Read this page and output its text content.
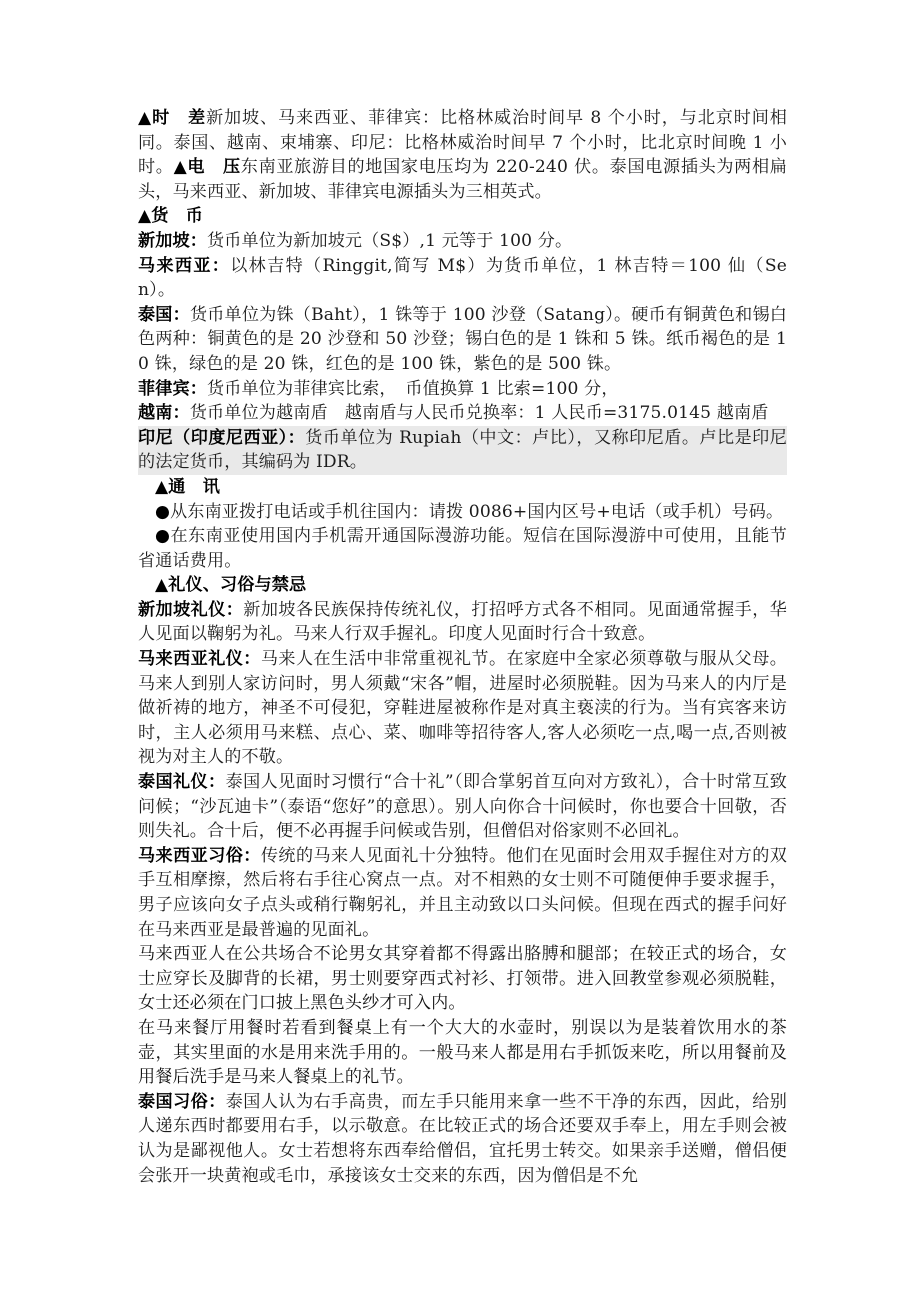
▲时　差新加坡、马来西亚、菲律宾：比格林威治时间早 8 个小时，与北京时间相同。泰国、越南、束埔寨、印尼：比格林威治时间早 7 个小时，比北京时间晚 1 小时。▲电　压东南亚旅游目的地国家电压均为 220-240 伏。泰国电源插头为两相扁头，马来西亚、新加坡、菲律宾电源插头为三相英式。

▲货　币

新加坡：货币单位为新加坡元（S$）,1 元等于 100 分。

马来西亚：以林吉特（Ringgit,简写 M$）为货币单位，1 林吉特＝100 仙（Sen）。

泰国：货币单位为铢（Baht），1 铢等于 100 沙登（Satang）。硬币有铜黄色和锡白色两种：铜黄色的是 20 沙登和 50 沙登；锡白色的是 1 铢和 5 铢。纸币褐色的是 10 铢，绿色的是 20 铢，红色的是 100 铢，紫色的是 500 铢。

菲律宾：货币单位为菲律宾比索，　币值换算 1 比索=100 分，

越南：货币单位为越南盾　越南盾与人民币兑换率：1 人民币=3175.0145 越南盾

印尼（印度尼西亚）：货币单位为 Rupiah（中文：卢比），又称印尼盾。卢比是印尼的法定货币，其编码为 IDR。

▲通　讯

●从东南亚拨打电话或手机往国内：请拨 0086+国内区号+电话（或手机）号码。

●在东南亚使用国内手机需开通国际漫游功能。短信在国际漫游中可使用，且能节省通话费用。

▲礼仪、习俗与禁忌

新加坡礼仪：新加坡各民族保持传统礼仪，打招呼方式各不相同。见面通常握手，华人见面以鞠躬为礼。马来人行双手握礼。印度人见面时行合十致意。

马来西亚礼仪：马来人在生活中非常重视礼节。在家庭中全家必须尊敬与服从父母。马来人到别人家访问时，男人须戴“宋各”帽，进屋时必须脱鞋。因为马来人的内厅是做祈祷的地方，神圣不可侵犯，穿鞋进屋被称作是对真主亵渎的行为。当有宾客来访时，主人必须用马来糕、点心、菜、咖啡等招待客人,客人必须吃一点,喝一点,否则被视为对主人的不敬。

泰国礼仪：泰国人见面时习惯行“合十礼”（即合掌躬首互向对方致礼），合十时常互致问候；“沙瓦迪卡”（泰语“您好”的意思）。别人向你合十问候时，你也要合十回敬，否则失礼。合十后，便不必再握手问候或告别，但僧侣对俗家则不必回礼。

马来西亚习俗：传统的马来人见面礼十分独特。他们在见面时会用双手握住对方的双手互相摩擦，然后将右手往心窝点一点。对不相熟的女士则不可随便伸手要求握手，男子应该向女子点头或稍行鞠躬礼，并且主动致以口头问候。但现在西式的握手问好在马来西亚是最普遍的见面礼。

马来西亚人在公共场合不论男女其穿着都不得露出胳膊和腿部；在较正式的场合，女士应穿长及脚背的长裙，男士则要穿西式衬衫、打领带。进入回教堂参观必须脱鞋，女士还必须在门口披上黑色头纱才可入内。

在马来餐厅用餐时若看到餐桌上有一个大大的水壶时，别误以为是装着饮用水的茶壶，其实里面的水是用来洗手用的。一般马来人都是用右手抓饭来吃，所以用餐前及用餐后洗手是马来人餐桌上的礼节。

泰国习俗：泰国人认为右手高贵，而左手只能用来拿一些不干净的东西，因此，给别人递东西时都要用右手，以示敬意。在比较正式的场合还要双手奉上，用左手则会被认为是鄙视他人。女士若想将东西奉给僧侣，宜托男士转交。如果亲手送赠，僧侣便会张开一块黄袍或毛巾，承接该女士交来的东西，因为僧侣是不允
